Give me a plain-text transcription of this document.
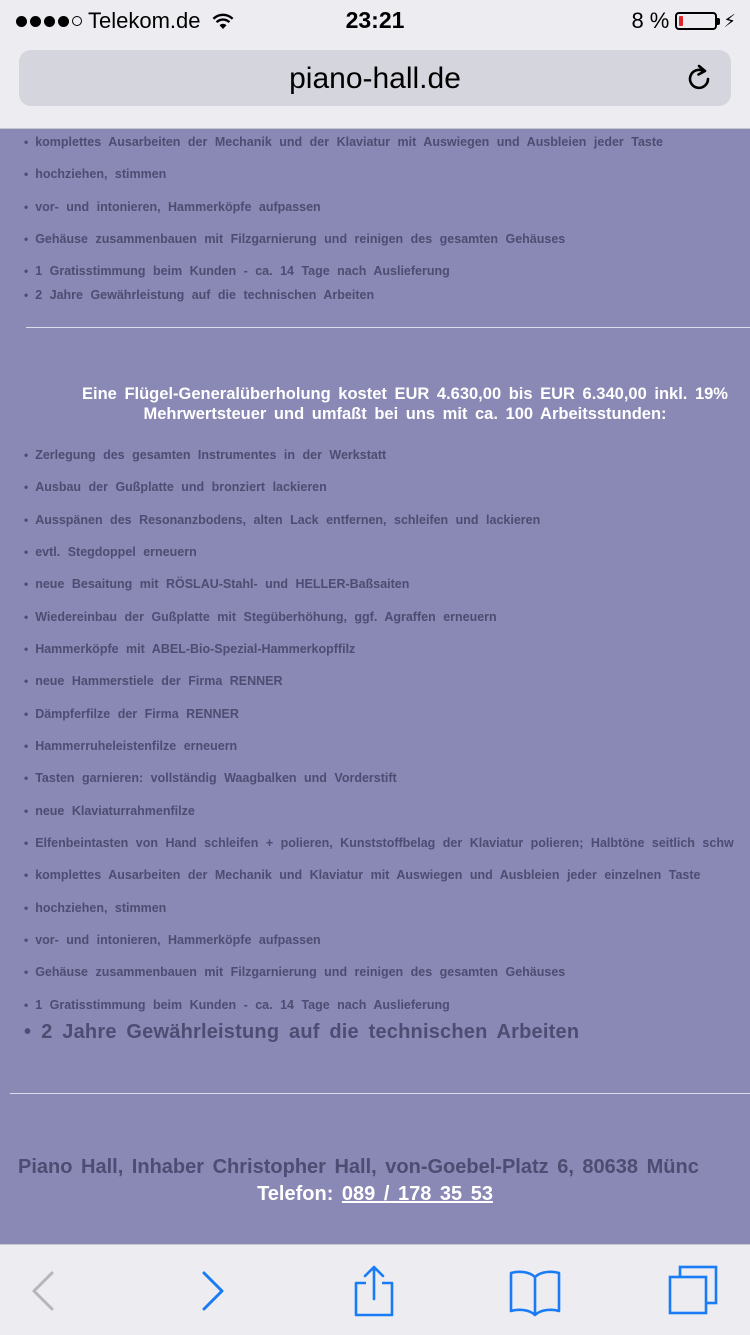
Telekom.de	23:21	8 %	⚡
piano-hall.de
• komplettes Ausarbeiten der Mechanik und der Klaviatur mit Auswiegen und Ausbleien jeder Taste
• hochziehen, stimmen
• vor- und intonieren, Hammerköpfe aufpassen
• Gehäuse zusammenbauen mit Filzgarnierung und reinigen des gesamten Gehäuses
• 1 Gratisstimmung beim Kunden - ca. 14 Tage nach Auslieferung
• 2 Jahre Gewährleistung auf die technischen Arbeiten
Eine Flügel-Generalüberholung kostet EUR 4.630,00 bis EUR 6.340,00 inkl. 19% Mehrwertsteuer und umfaßt bei uns mit ca. 100 Arbeitsstunden:
• Zerlegung des gesamten Instrumentes in der Werkstatt
• Ausbau der Gußplatte und bronziert lackieren
• Ausspänen des Resonanzbodens, alten Lack entfernen, schleifen und lackieren
• evtl. Stegdoppel erneuern
• neue Besaitung mit RÖSLAU-Stahl- und HELLER-Baßsaiten
• Wiedereinbau der Gußplatte mit Stegüberhöhung, ggf. Agraffen erneuern
• Hammerköpfe mit ABEL-Bio-Spezial-Hammerkopffilz
• neue Hammerstiele der Firma RENNER
• Dämpferfilze der Firma RENNER
• Hammerruheleistenfilze erneuern
• Tasten garnieren: vollständig Waagbalken und Vorderstift
• neue Klaviaturrahmenfilze
• Elfenbeintasten von Hand schleifen + polieren, Kunststoffbelag der Klaviatur polieren; Halbtöne seitlich schw
• komplettes Ausarbeiten der Mechanik und Klaviatur mit Auswiegen und Ausbleien jeder einzelnen Taste
• hochziehen, stimmen
• vor- und intonieren, Hammerköpfe aufpassen
• Gehäuse zusammenbauen mit Filzgarnierung und reinigen des gesamten Gehäuses
• 1 Gratisstimmung beim Kunden - ca. 14 Tage nach Auslieferung
• 2 Jahre Gewährleistung auf die technischen Arbeiten
Piano Hall, Inhaber Christopher Hall, von-Goebel-Platz 6, 80638 Münc
Telefon: 089 / 178 35 53
